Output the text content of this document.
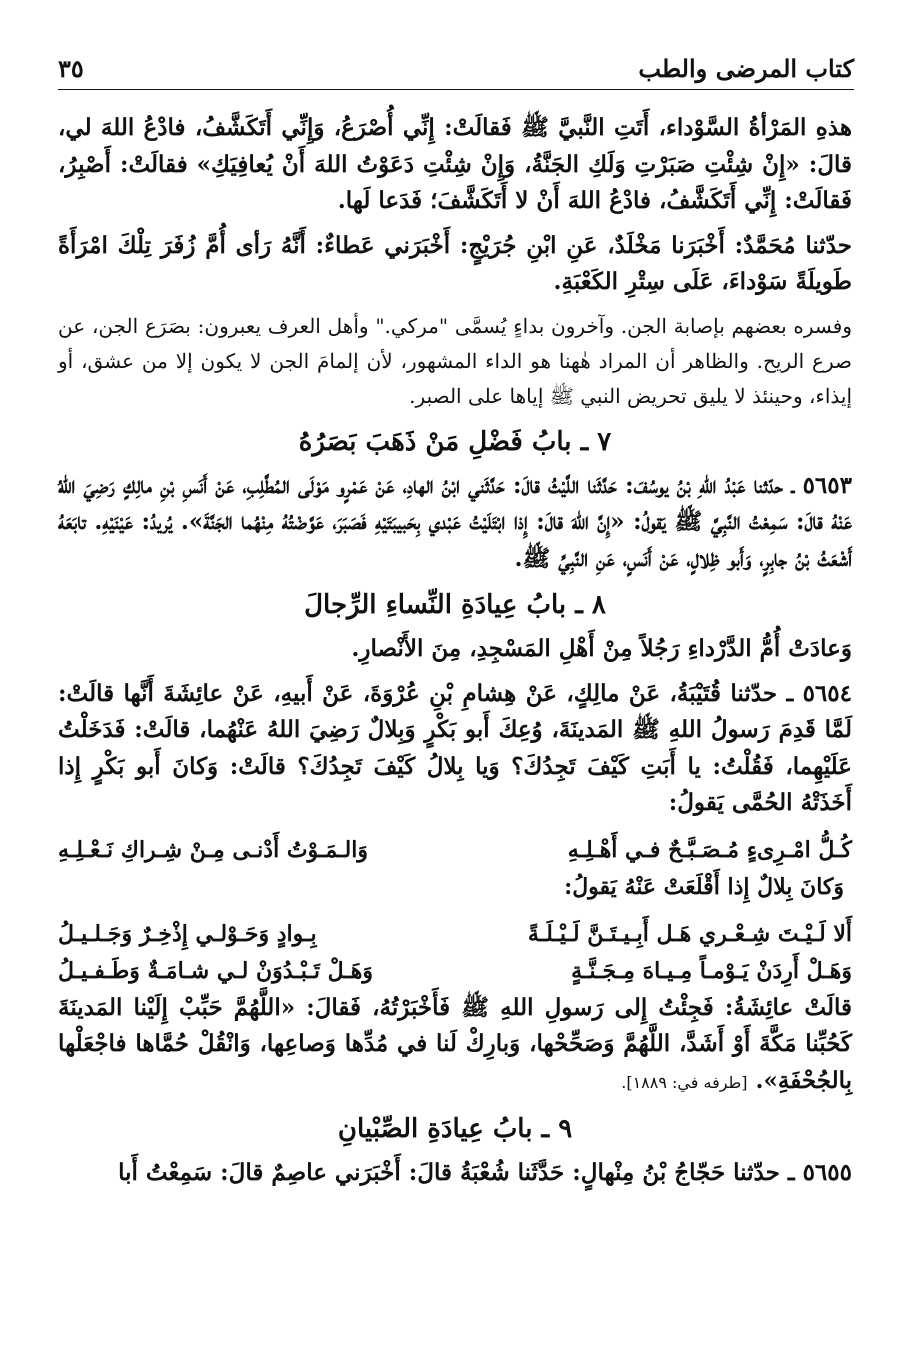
كتاب المرضى والطب
٣٥

هذهِ المَرْأةُ السَّوْداء، أَتَتِ النَّبيَّ ﷺ فَقالَتْ: إِنِّي أُصْرَعُ، وَإِنِّي أَتَكَشَّفُ، فادْعُ اللهَ لي، قالَ: «إِنْ شِئْتِ صَبَرْتِ وَلَكِ الجَنَّةُ، وَإِنْ شِئْتِ دَعَوْتُ اللهَ أَنْ يُعافِيَكِ» فقالَتْ: أَصْبِرُ، فَقالَتْ: إِنِّي أَتَكَشَّفُ، فادْعُ اللهَ أَنْ لا أَتَكَشَّفَ؛ فَدَعا لَها.

حدّثنا مُحَمَّدٌ: أَخْبَرَنا مَخْلَدٌ، عَنِ ابْنِ جُرَيْجٍ: أَخْبَرَني عَطاءٌ: أَنَّهُ رَأى أُمَّ زُفَرَ تِلْكَ امْرَأَةً طَويلَةً سَوْداءَ، عَلَى سِتْرِ الكَعْبَةِ.

وفسره بعضهم بإصابة الجن. وآخرون بداءٍ يُسمَّى "مركي." وأهل العرف يعبرون: بصَرَع الجن، عن صرع الريح. والظاهر أن المراد هٰهنا هو الداء المشهور، لأن إلمامَ الجن لا يكون إلا من عشق، أو إيذاء، وحينئذ لا يليق تحريض النبي ﷺ إياها على الصبر.

٧ ـ بابُ فَضْلِ مَنْ ذَهَبَ بَصَرُهُ

٥٦٥٣ ـ حدّثنا عَبْدُ اللهِ بْنُ يوسُفَ: حَدَّثَنا اللَّيْثُ قالَ: حَدَّثَني ابْنُ الهادِ، عَنْ عَمْرٍو مَوْلَى المُطَّلِبِ، عَنْ أَنَسِ بْنِ مالِكٍ رَضِيَ اللهُ عَنْهُ قالَ: سَمِعْتُ النَّبِيَّ ﷺ يَقولُ: «إِنَّ اللهَ قالَ: إِذا ابْتَلَيْتُ عَبْدي بِحَبيبَتَيْهِ فَصَبَرَ، عَوَّضْتُهُ مِنْهُما الجَنَّةَ». يُريدُ: عَيْنَيْهِ. تابَعَهُ أَشْعَثُ بْنُ جابِرٍ، وَأَبو ظِلالٍ، عَنْ أَنَسٍ، عَنِ النَّبِيِّ ﷺ.

٨ ـ بابُ عِيادَةِ النِّساءِ الرِّجالَ

وَعادَتْ أُمُّ الدَّرْداءِ رَجُلاً مِنْ أَهْلِ المَسْجِدِ، مِنَ الأَنْصارِ.

٥٦٥٤ ـ حدّثنا قُتَيْبَةُ، عَنْ مالِكٍ، عَنْ هِشامِ بْنِ عُرْوَةَ، عَنْ أَبيهِ، عَنْ عائِشَةَ أَنَّها قالَتْ: لَمَّا قَدِمَ رَسولُ اللهِ ﷺ المَدينَةَ، وُعِكَ أَبو بَكْرٍ وَبِلالٌ رَضِيَ اللهُ عَنْهُما، قالَتْ: فَدَخَلْتُ عَلَيْهِما، فَقُلْتُ: يا أَبَتِ كَيْفَ تَجِدُكَ؟ وَيا بِلالُ كَيْفَ تَجِدُكَ؟ قالَتْ: وَكانَ أَبو بَكْرٍ إِذا أَخَذَتْهُ الحُمَّى يَقولُ:

كُـلُّ امْـرِىءٍ مُـصَـبَّـحٌ فـي أَهْـلِـهِ
وَالـمَـوْتُ أَدْنـى مِـنْ شِـراكِ نَـعْـلِـهِ

وَكانَ بِلالٌ إِذا أَقْلَعَتْ عَنْهُ يَقولُ:

أَلا لَـيْـتَ شِـعْـري هَـل أَبِـيـتَـنَّ لَـيْـلَـةً
بِـوادٍ وَحَـوْلـي إِذْخِـرٌ وَجَـلـيـلُ
وَهَـلْ أَرِدَنْ يَـوْمـاً مِـيـاهَ مِـجَـنَّـةٍ
وَهَـلْ تَـبْـدُوَنْ لـي شـامَـةٌ وَطَـفـيـلُ

قالَتْ عائِشَةُ: فَجِئْتُ إِلى رَسولِ اللهِ ﷺ فَأَخْبَرْتُهُ، فَقالَ: «اللَّهُمَّ حَبِّبْ إِلَيْنا المَدينَةَ كَحُبِّنا مَكَّةَ أَوْ أَشَدَّ، اللَّهُمَّ وَصَحِّحْها، وَبارِكْ لَنا في مُدِّها وَصاعِها، وَانْقُلْ حُمَّاها فاجْعَلْها بِالجُحْفَةِ». [طرفه في: ١٨٨٩].

٩ ـ بابُ عِيادَةِ الصِّبْيانِ

٥٦٥٥ ـ حدّثنا حَجّاجُ بْنُ مِنْهالٍ: حَدَّثَنا شُعْبَةُ قالَ: أَخْبَرَني عاصِمٌ قالَ: سَمِعْتُ أَبا
